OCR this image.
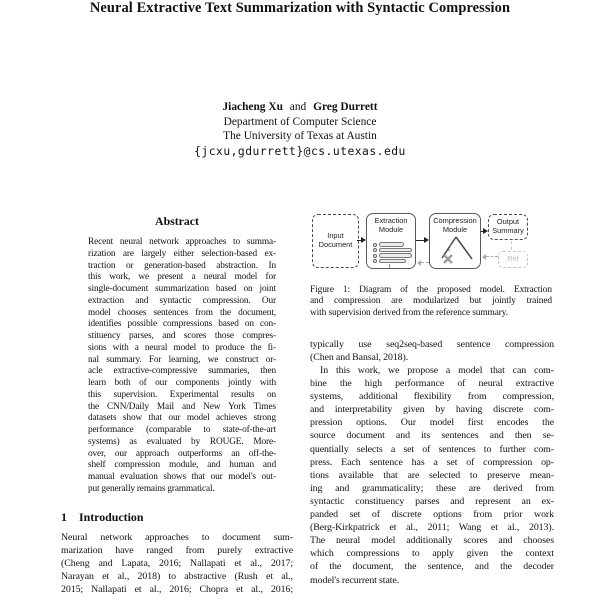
Neural Extractive Text Summarization with Syntactic Compression
Jiacheng Xu and Greg Durrett
Department of Computer Science
The University of Texas at Austin
{jcxu,gdurrett}@cs.utexas.edu
Abstract
Recent neural network approaches to summa-
rization are largely either selection-based ex-
traction or generation-based abstraction. In
this work, we present a neural model for
single-document summarization based on joint
extraction and syntactic compression. Our
model chooses sentences from the document,
identifies possible compressions based on con-
stituency parses, and scores those compres-
sions with a neural model to produce the fi-
nal summary. For learning, we construct or-
acle extractive-compressive summaries, then
learn both of our components jointly with
this supervision. Experimental results on
the CNN/Daily Mail and New York Times
datasets show that our model achieves strong
performance (comparable to state-of-the-art
systems) as evaluated by ROUGE. More-
over, our approach outperforms an off-the-
shelf compression module, and human and
manual evaluation shows that our model's out-
put generally remains grammatical.
1 Introduction
Neural network approaches to document sum-
marization have ranged from purely extractive
(Cheng and Lapata, 2016; Nallapati et al., 2017;
Narayan et al., 2018) to abstractive (Rush et al.,
2015; Nallapati et al., 2016; Chopra et al., 2016;
Input Document
Extraction Module
Compression Module
Output Summary
Ref
Figure 1: Diagram of the proposed model. Extraction
and compression are modularized but jointly trained
with supervision derived from the reference summary.
typically use seq2seq-based sentence compression
(Chen and Bansal, 2018).
In this work, we propose a model that can com-
bine the high performance of neural extractive
systems, additional flexibility from compression,
and interpretability given by having discrete com-
pression options. Our model first encodes the
source document and its sentences and then se-
quentially selects a set of sentences to further com-
press. Each sentence has a set of compression op-
tions available that are selected to preserve mean-
ing and grammaticality; these are derived from
syntactic constituency parses and represent an ex-
panded set of discrete options from prior work
(Berg-Kirkpatrick et al., 2011; Wang et al., 2013).
The neural model additionally scores and chooses
which compressions to apply given the context
of the document, the sentence, and the decoder
model's recurrent state.
